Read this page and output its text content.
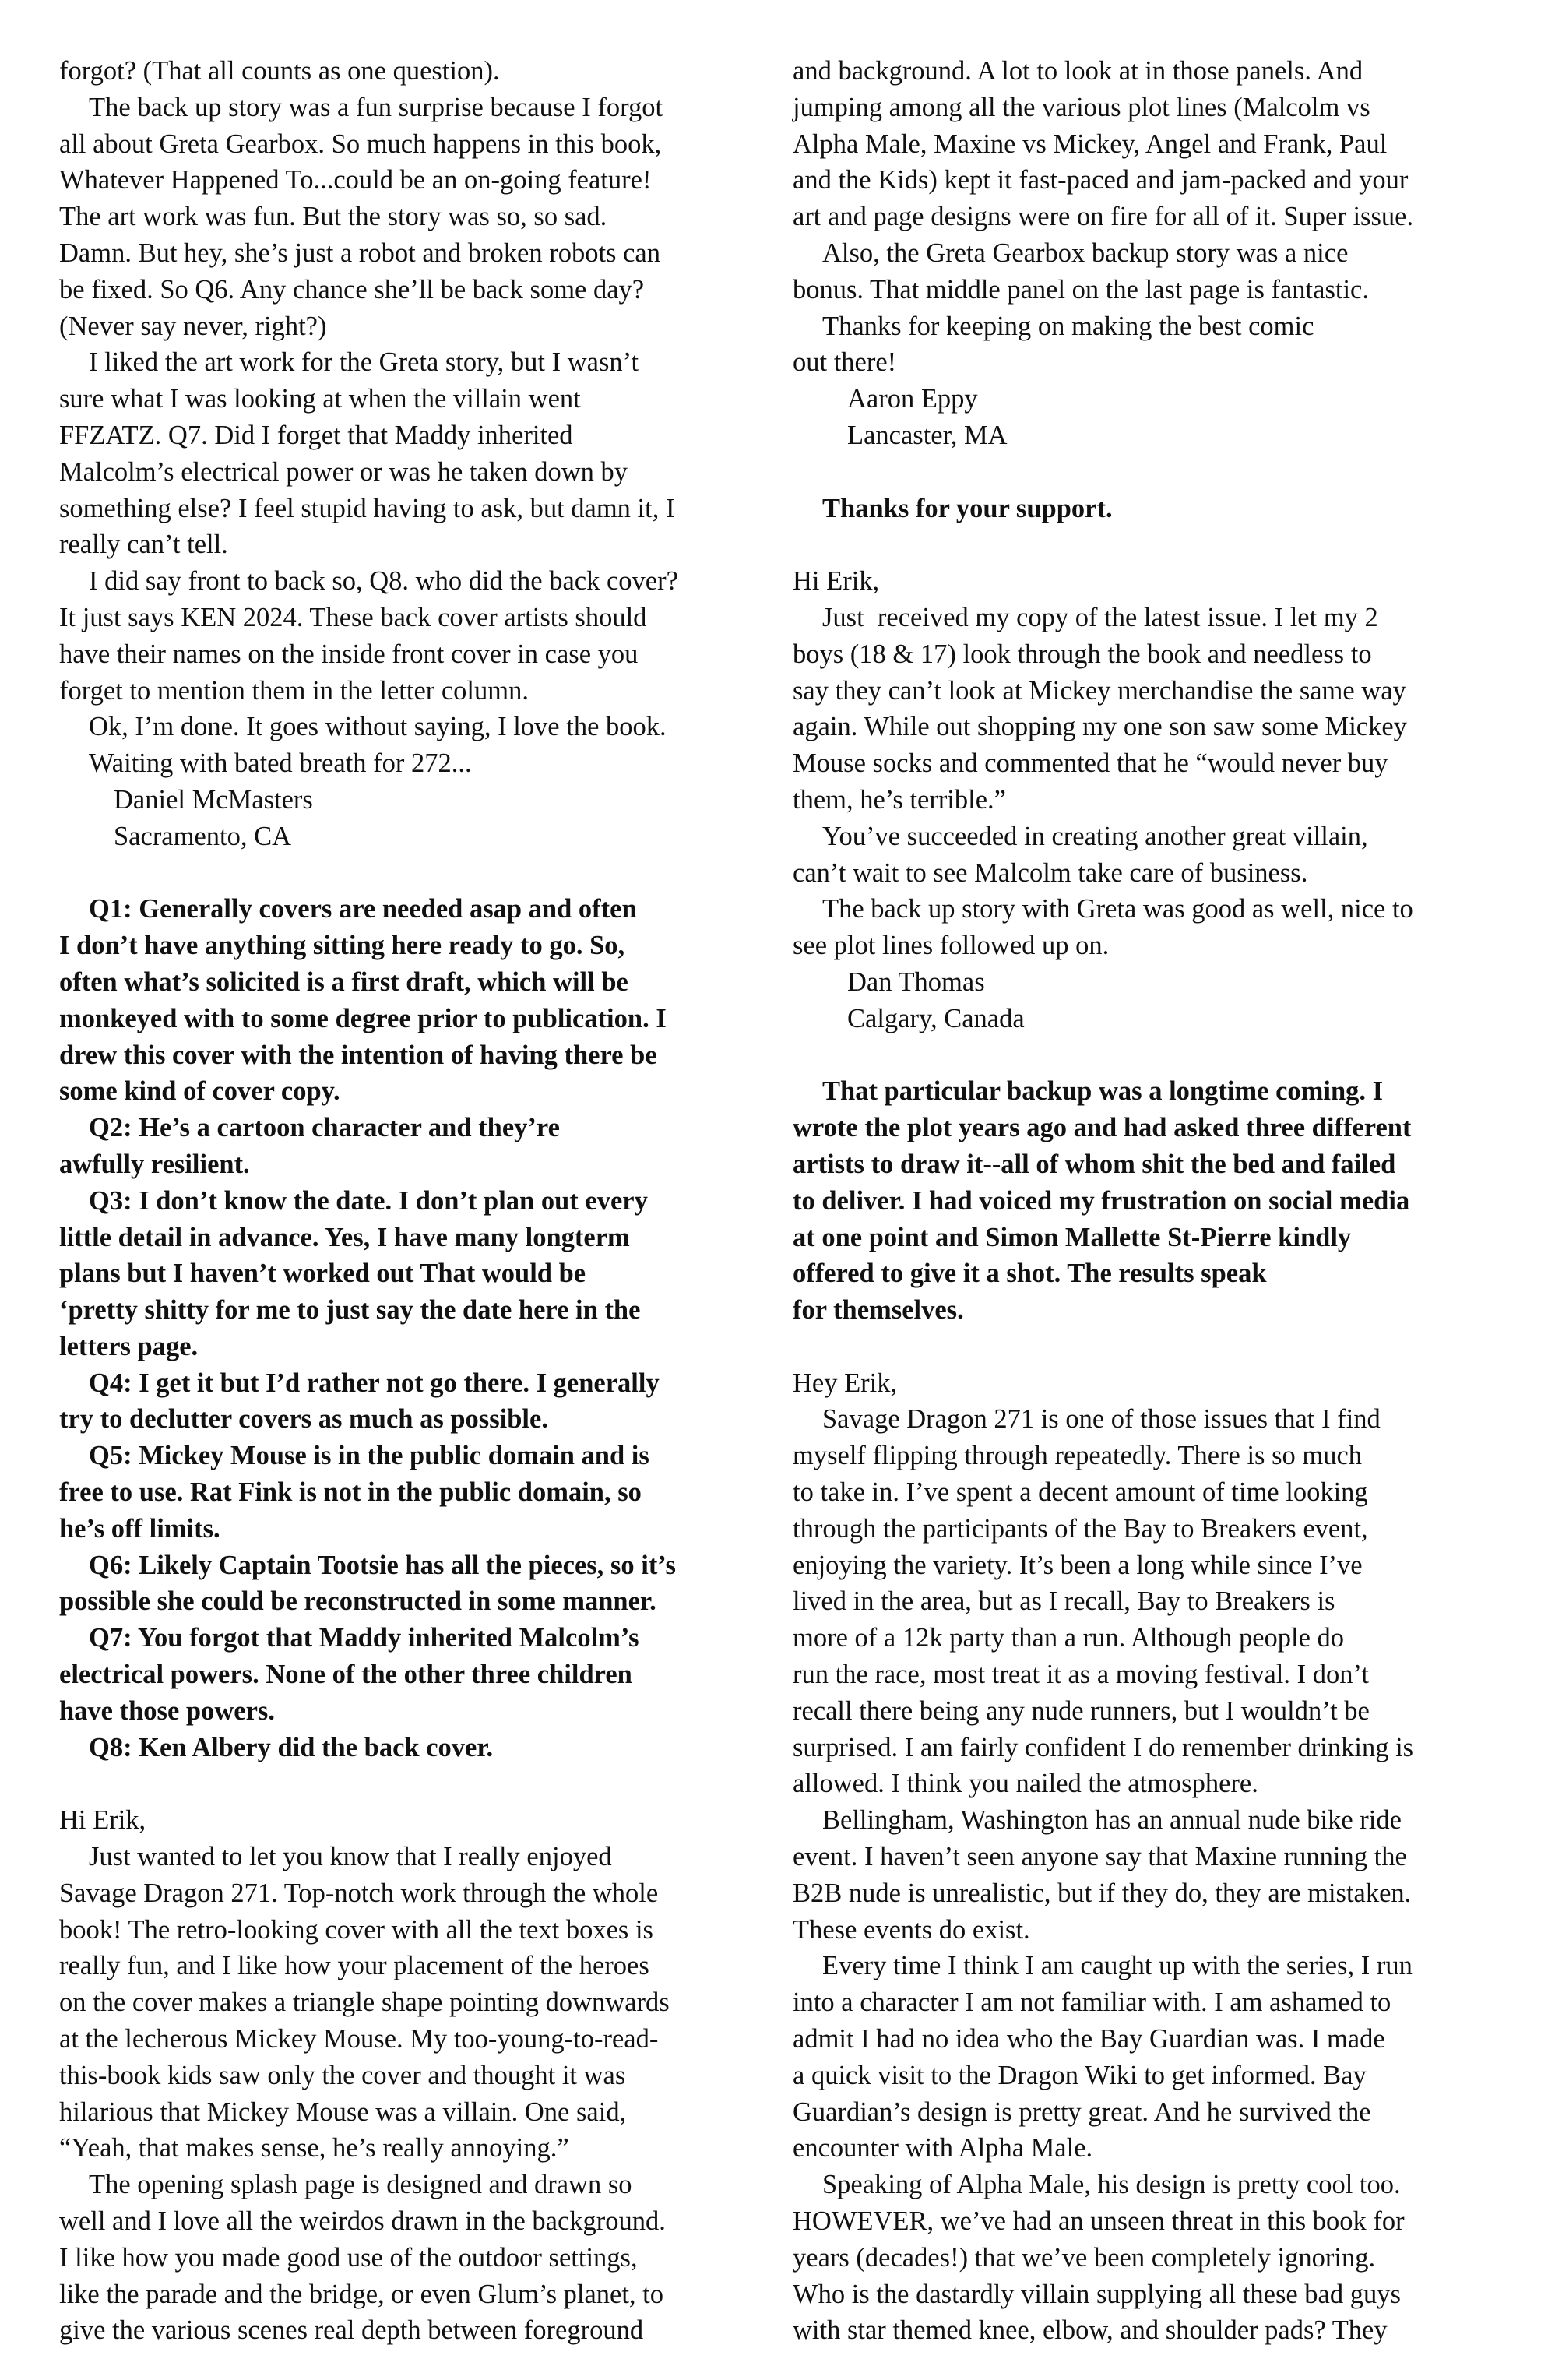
forgot? (That all counts as one question).
The back up story was a fun surprise because I forgot
all about Greta Gearbox. So much happens in this book,
Whatever Happened To...could be an on-going feature!
The art work was fun. But the story was so, so sad.
Damn. But hey, she’s just a robot and broken robots can
be fixed. So Q6. Any chance she’ll be back some day?
(Never say never, right?)
I liked the art work for the Greta story, but I wasn’t
sure what I was looking at when the villain went
FFZATZ. Q7. Did I forget that Maddy inherited
Malcolm’s electrical power or was he taken down by
something else? I feel stupid having to ask, but damn it, I
really can’t tell.
I did say front to back so, Q8. who did the back cover?
It just says KEN 2024. These back cover artists should
have their names on the inside front cover in case you
forget to mention them in the letter column.
Ok, I’m done. It goes without saying, I love the book.
Waiting with bated breath for 272...
Daniel McMasters
Sacramento, CA
Q1: Generally covers are needed asap and often
I don’t have anything sitting here ready to go. So,
often what’s solicited is a first draft, which will be
monkeyed with to some degree prior to publication. I
drew this cover with the intention of having there be
some kind of cover copy.
Q2: He’s a cartoon character and they’re
awfully resilient.
Q3: I don’t know the date. I don’t plan out every
little detail in advance. Yes, I have many longterm
plans but I haven’t worked out That would be
‘pretty shitty for me to just say the date here in the
letters page.
Q4: I get it but I’d rather not go there. I generally
try to declutter covers as much as possible.
Q5: Mickey Mouse is in the public domain and is
free to use. Rat Fink is not in the public domain, so
he’s off limits.
Q6: Likely Captain Tootsie has all the pieces, so it’s
possible she could be reconstructed in some manner.
Q7: You forgot that Maddy inherited Malcolm’s
electrical powers. None of the other three children
have those powers.
Q8: Ken Albery did the back cover.
Hi Erik,
Just wanted to let you know that I really enjoyed
Savage Dragon 271. Top-notch work through the whole
book! The retro-looking cover with all the text boxes is
really fun, and I like how your placement of the heroes
on the cover makes a triangle shape pointing downwards
at the lecherous Mickey Mouse. My too-young-to-read-
this-book kids saw only the cover and thought it was
hilarious that Mickey Mouse was a villain. One said,
“Yeah, that makes sense, he’s really annoying.”
The opening splash page is designed and drawn so
well and I love all the weirdos drawn in the background.
I like how you made good use of the outdoor settings,
like the parade and the bridge, or even Glum’s planet, to
give the various scenes real depth between foreground
and background. A lot to look at in those panels. And
jumping among all the various plot lines (Malcolm vs
Alpha Male, Maxine vs Mickey, Angel and Frank, Paul
and the Kids) kept it fast-paced and jam-packed and your
art and page designs were on fire for all of it. Super issue.
Also, the Greta Gearbox backup story was a nice
bonus. That middle panel on the last page is fantastic.
Thanks for keeping on making the best comic
out there!
Aaron Eppy
Lancaster, MA
Thanks for your support.
Hi Erik,
Just  received my copy of the latest issue. I let my 2
boys (18 & 17) look through the book and needless to
say they can’t look at Mickey merchandise the same way
again. While out shopping my one son saw some Mickey
Mouse socks and commented that he “would never buy
them, he’s terrible.”
You’ve succeeded in creating another great villain,
can’t wait to see Malcolm take care of business.
The back up story with Greta was good as well, nice to
see plot lines followed up on.
Dan Thomas
Calgary, Canada
That particular backup was a longtime coming. I
wrote the plot years ago and had asked three different
artists to draw it--all of whom shit the bed and failed
to deliver. I had voiced my frustration on social media
at one point and Simon Mallette St-Pierre kindly
offered to give it a shot. The results speak
for themselves.
Hey Erik,
Savage Dragon 271 is one of those issues that I find
myself flipping through repeatedly. There is so much
to take in. I’ve spent a decent amount of time looking
through the participants of the Bay to Breakers event,
enjoying the variety. It’s been a long while since I’ve
lived in the area, but as I recall, Bay to Breakers is
more of a 12k party than a run. Although people do
run the race, most treat it as a moving festival. I don’t
recall there being any nude runners, but I wouldn’t be
surprised. I am fairly confident I do remember drinking is
allowed. I think you nailed the atmosphere.
Bellingham, Washington has an annual nude bike ride
event. I haven’t seen anyone say that Maxine running the
B2B nude is unrealistic, but if they do, they are mistaken.
These events do exist.
Every time I think I am caught up with the series, I run
into a character I am not familiar with. I am ashamed to
admit I had no idea who the Bay Guardian was. I made
a quick visit to the Dragon Wiki to get informed. Bay
Guardian’s design is pretty great. And he survived the
encounter with Alpha Male.
Speaking of Alpha Male, his design is pretty cool too.
HOWEVER, we’ve had an unseen threat in this book for
years (decades!) that we’ve been completely ignoring.
Who is the dastardly villain supplying all these bad guys
with star themed knee, elbow, and shoulder pads? They
